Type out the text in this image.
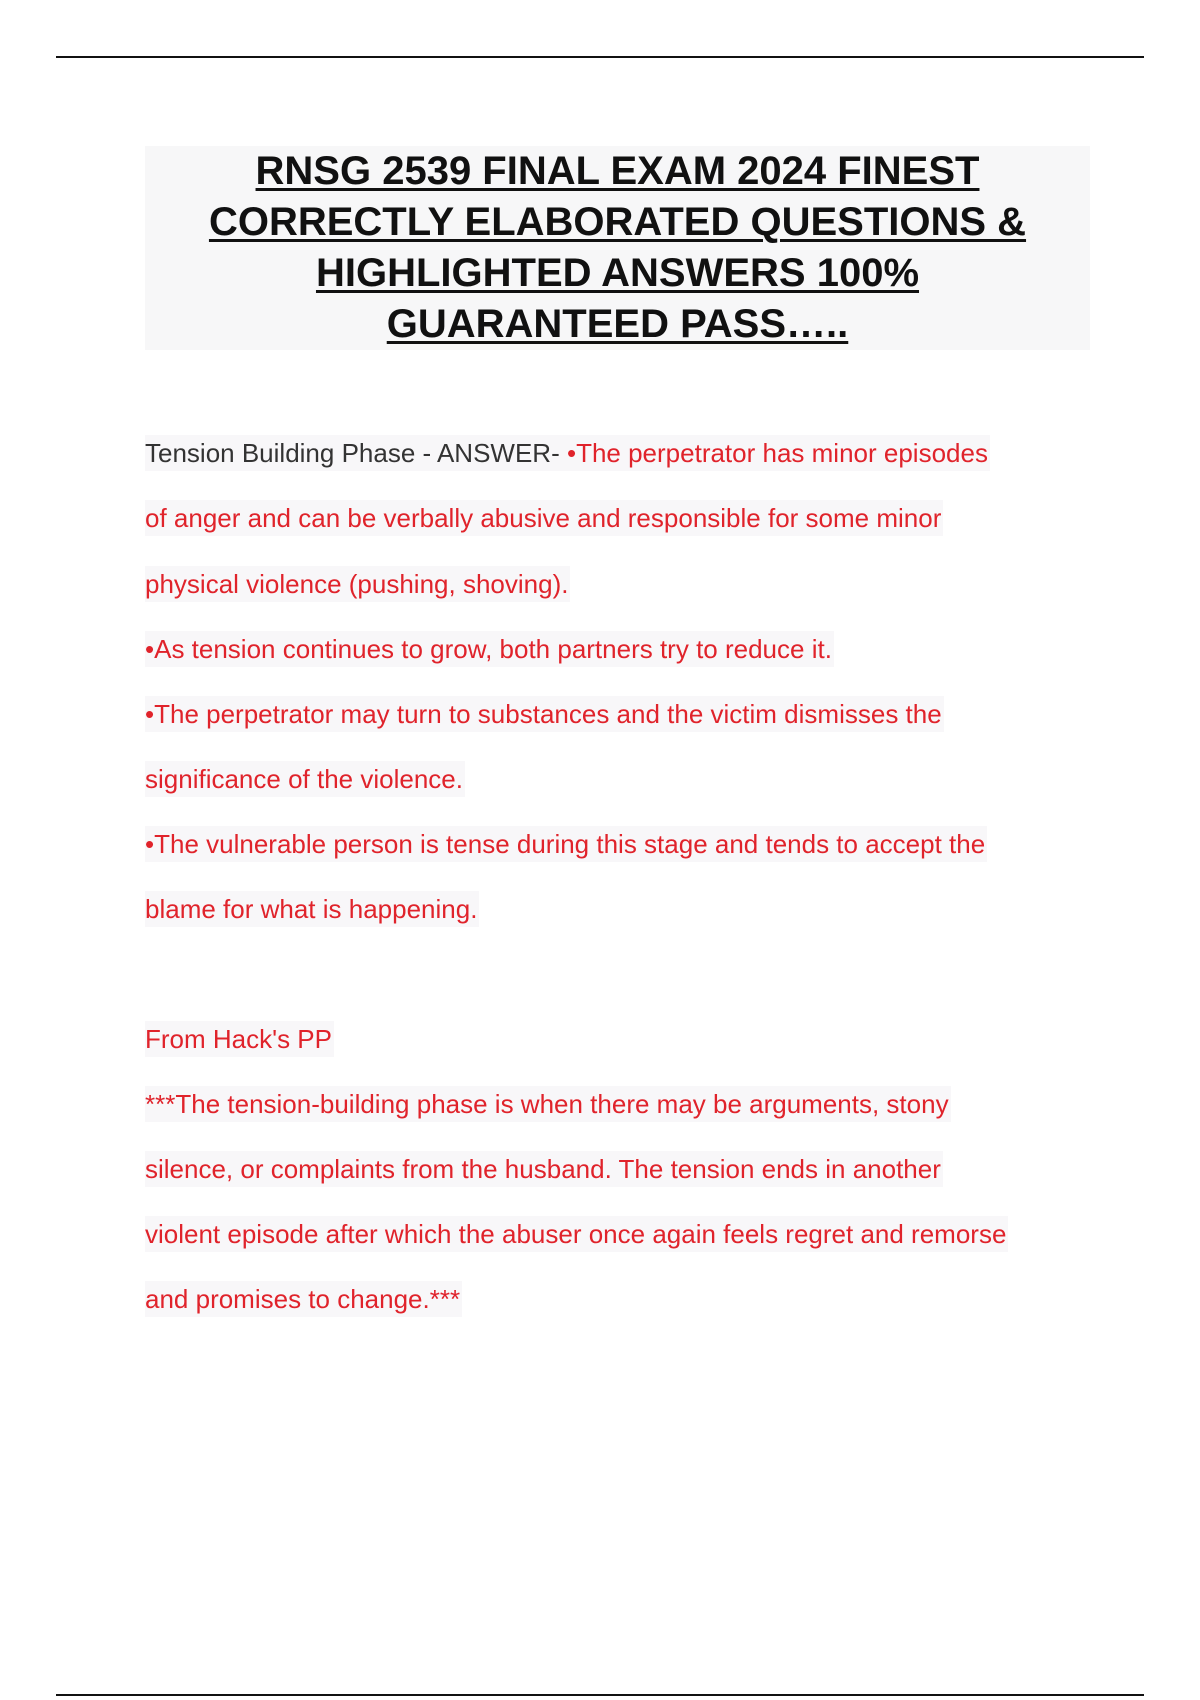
RNSG 2539 FINAL EXAM 2024 FINEST
CORRECTLY ELABORATED QUESTIONS &
HIGHLIGHTED ANSWERS 100%
GUARANTEED PASS…..
Tension Building Phase - ANSWER- •The perpetrator has minor episodes
of anger and can be verbally abusive and responsible for some minor
physical violence (pushing, shoving).
•As tension continues to grow, both partners try to reduce it.
•The perpetrator may turn to substances and the victim dismisses the
significance of the violence.
•The vulnerable person is tense during this stage and tends to accept the
blame for what is happening.
From Hack's PP
***The tension-building phase is when there may be arguments, stony
silence, or complaints from the husband. The tension ends in another
violent episode after which the abuser once again feels regret and remorse
and promises to change.***
